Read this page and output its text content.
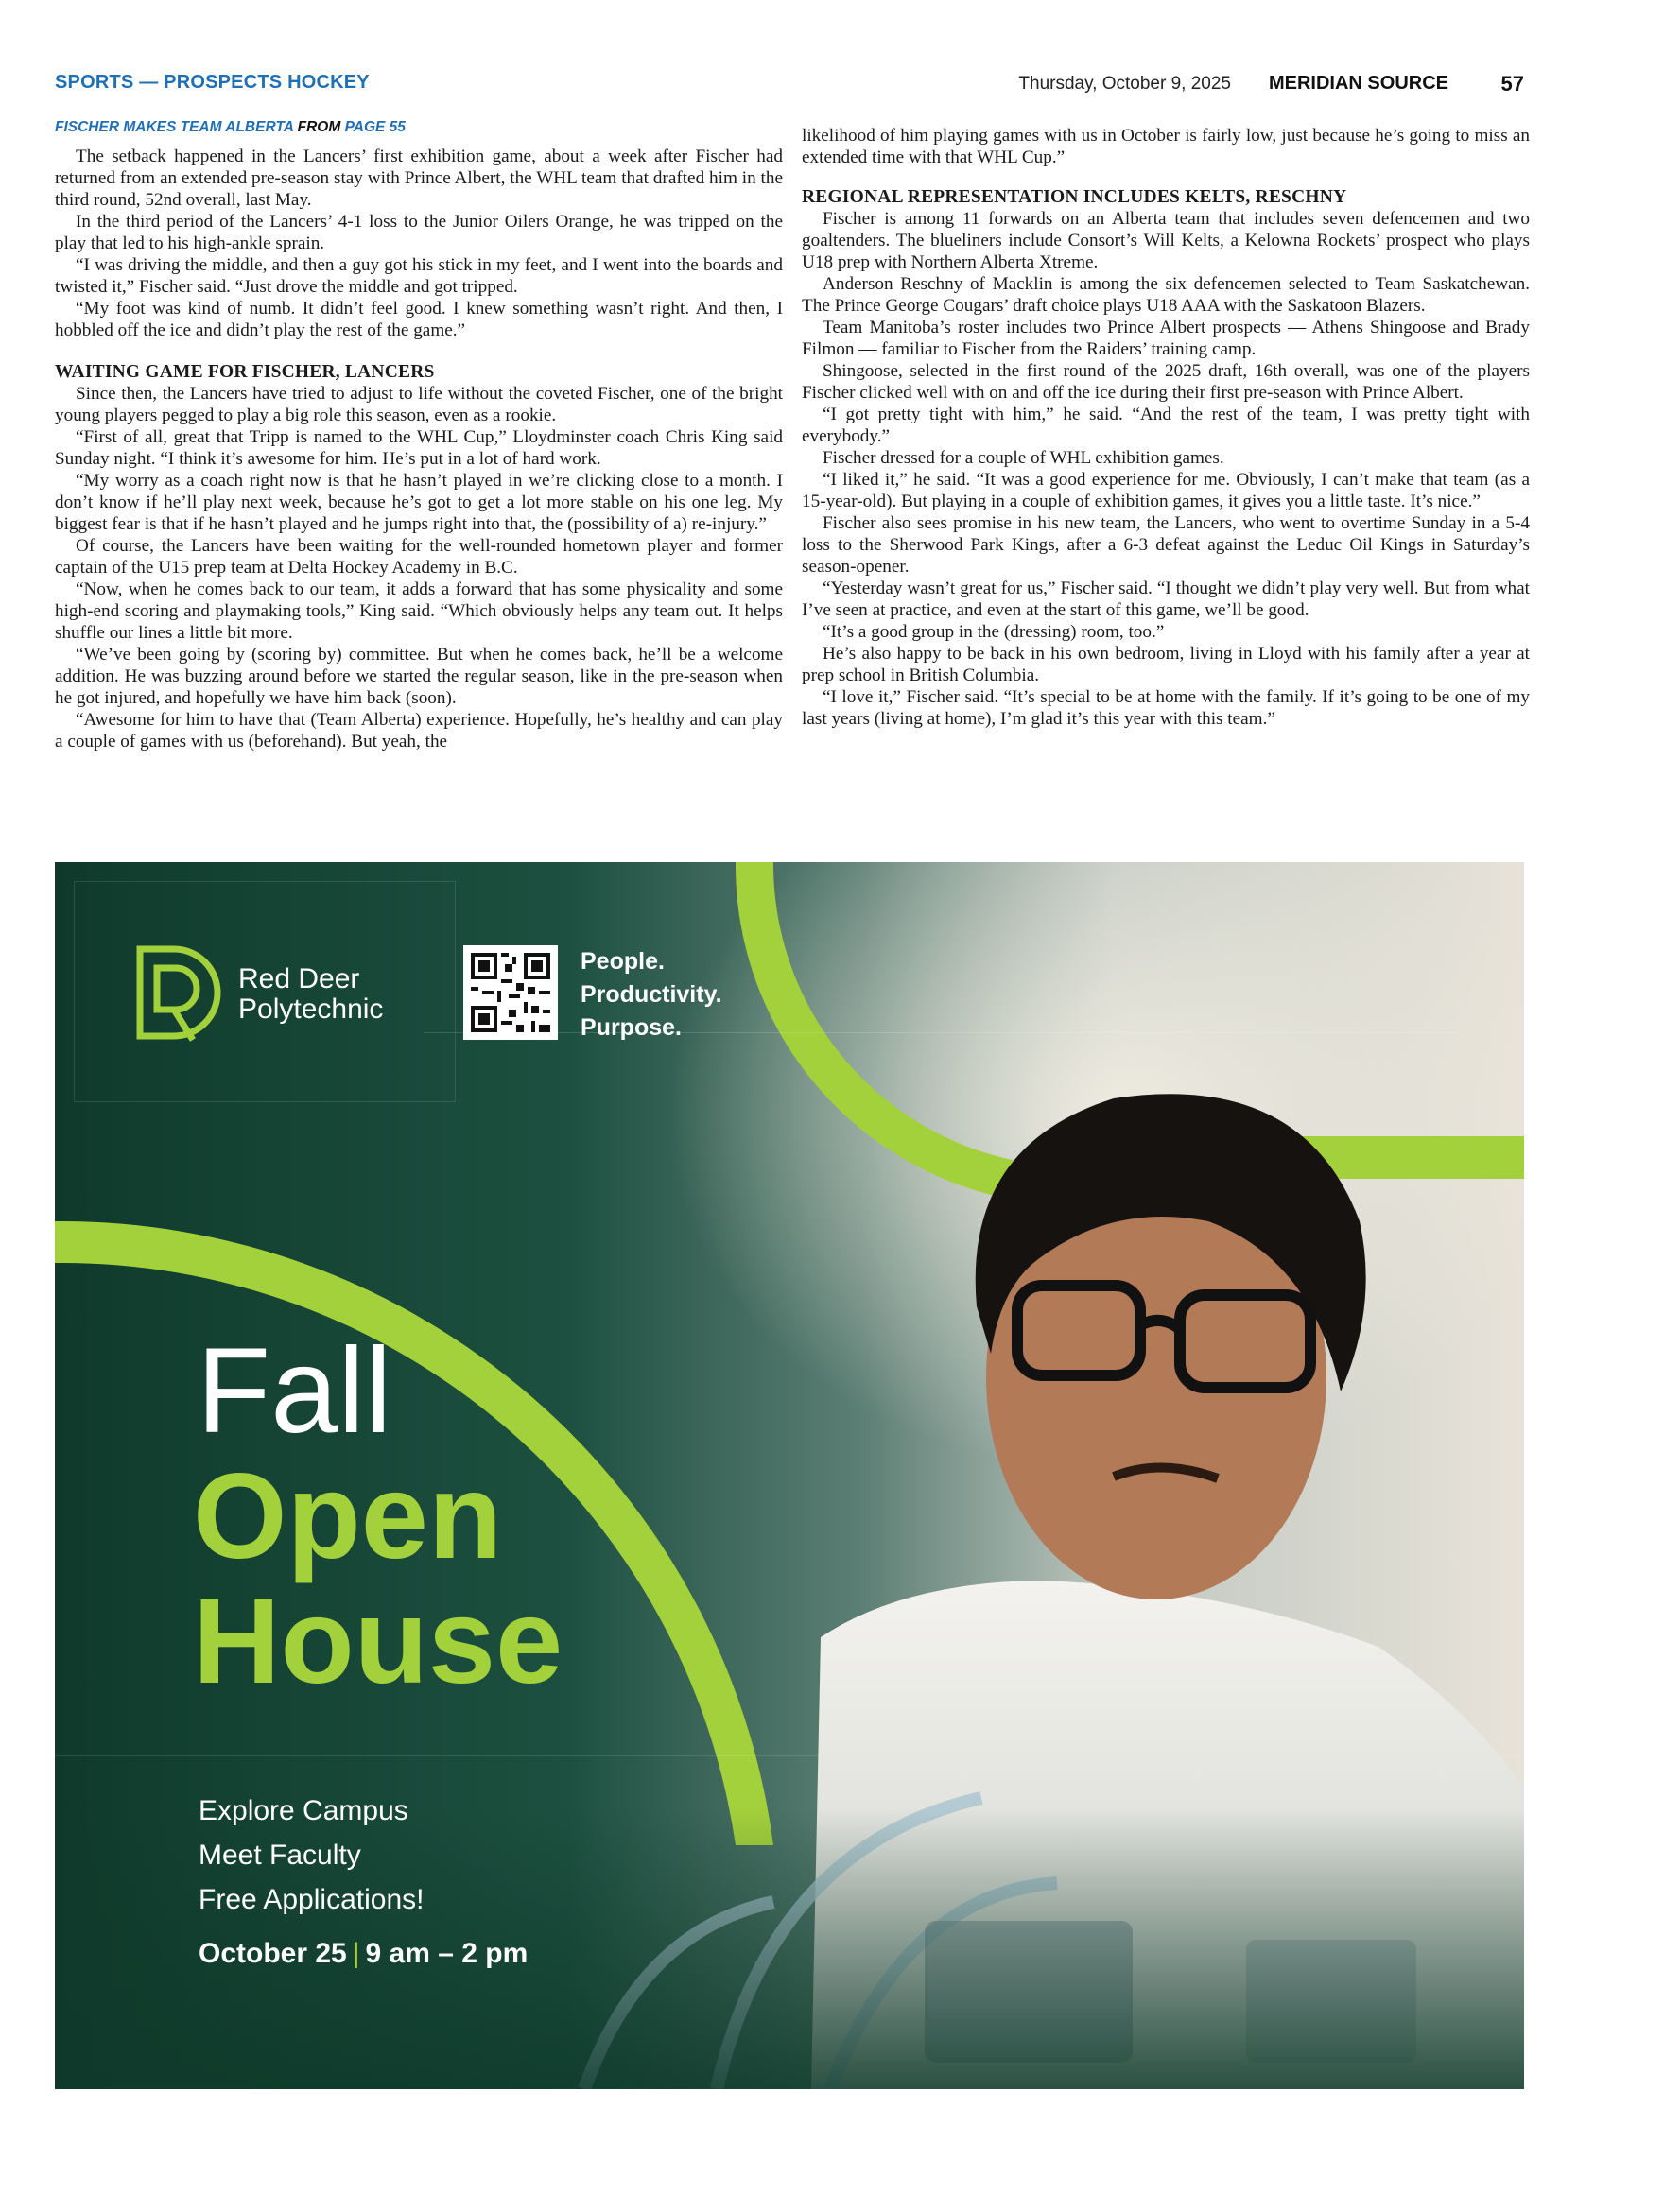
SPORTS — PROSPECTS HOCKEY	Thursday, October 9, 2025 MERIDIAN SOURCE	57
FISCHER MAKES TEAM ALBERTA FROM PAGE 55

The setback happened in the Lancers’ first exhibition game, about a week after Fischer had returned from an extended pre-season stay with Prince Albert, the WHL team that drafted him in the third round, 52nd overall, last May.

In the third period of the Lancers’ 4-1 loss to the Junior Oilers Orange, he was tripped on the play that led to his high-ankle sprain.

“I was driving the middle, and then a guy got his stick in my feet, and I went into the boards and twisted it,” Fischer said. “Just drove the middle and got tripped.

“My foot was kind of numb. It didn’t feel good. I knew something wasn’t right. And then, I hobbled off the ice and didn’t play the rest of the game.”

WAITING GAME FOR FISCHER, LANCERS

Since then, the Lancers have tried to adjust to life without the coveted Fischer, one of the bright young players pegged to play a big role this season, even as a rookie.

“First of all, great that Tripp is named to the WHL Cup,” Lloydminster coach Chris King said Sunday night. “I think it’s awesome for him. He’s put in a lot of hard work.

“My worry as a coach right now is that he hasn’t played in we’re clicking close to a month. I don’t know if he’ll play next week, because he’s got to get a lot more stable on his one leg. My biggest fear is that if he hasn’t played and he jumps right into that, the (possibility of a) re-injury.”

Of course, the Lancers have been waiting for the well-rounded hometown player and former captain of the U15 prep team at Delta Hockey Academy in B.C.

“Now, when he comes back to our team, it adds a forward that has some physicality and some high-end scoring and playmaking tools,” King said. “Which obviously helps any team out. It helps shuffle our lines a little bit more.

“We’ve been going by (scoring by) committee. But when he comes back, he’ll be a welcome addition. He was buzzing around before we started the regular season, like in the pre-season when he got injured, and hopefully we have him back (soon).

“Awesome for him to have that (Team Alberta) experience. Hopefully, he’s healthy and can play a couple of games with us (beforehand). But yeah, the

likelihood of him playing games with us in October is fairly low, just because he’s going to miss an extended time with that WHL Cup.”

REGIONAL REPRESENTATION INCLUDES KELTS, RESCHNY

Fischer is among 11 forwards on an Alberta team that includes seven defencemen and two goaltenders. The blueliners include Consort’s Will Kelts, a Kelowna Rockets’ prospect who plays U18 prep with Northern Alberta Xtreme.

Anderson Reschny of Macklin is among the six defencemen selected to Team Saskatchewan. The Prince George Cougars’ draft choice plays U18 AAA with the Saskatoon Blazers.

Team Manitoba’s roster includes two Prince Albert prospects — Athens Shingoose and Brady Filmon — familiar to Fischer from the Raiders’ training camp.

Shingoose, selected in the first round of the 2025 draft, 16th overall, was one of the players Fischer clicked well with on and off the ice during their first pre-season with Prince Albert.

“I got pretty tight with him,” he said. “And the rest of the team, I was pretty tight with everybody.”

Fischer dressed for a couple of WHL exhibition games.

“I liked it,” he said. “It was a good experience for me. Obviously, I can’t make that team (as a 15-year-old). But playing in a couple of exhibition games, it gives you a little taste. It’s nice.”

Fischer also sees promise in his new team, the Lancers, who went to overtime Sunday in a 5-4 loss to the Sherwood Park Kings, after a 6-3 defeat against the Leduc Oil Kings in Saturday’s season-opener.

“Yesterday wasn’t great for us,” Fischer said. “I thought we didn’t play very well. But from what I’ve seen at practice, and even at the start of this game, we’ll be good.

“It’s a good group in the (dressing) room, too.”

He’s also happy to be back in his own bedroom, living in Lloyd with his family after a year at prep school in British Columbia.

“I love it,” Fischer said. “It’s special to be at home with the family. If it’s going to be one of my last years (living at home), I’m glad it’s this year with this team.”

Red Deer
Polytechnic
People.
Productivity.
Purpose.
Fall
Open
House
Explore Campus
Meet Faculty
Free Applications!
October 25 | 9 am – 2 pm
